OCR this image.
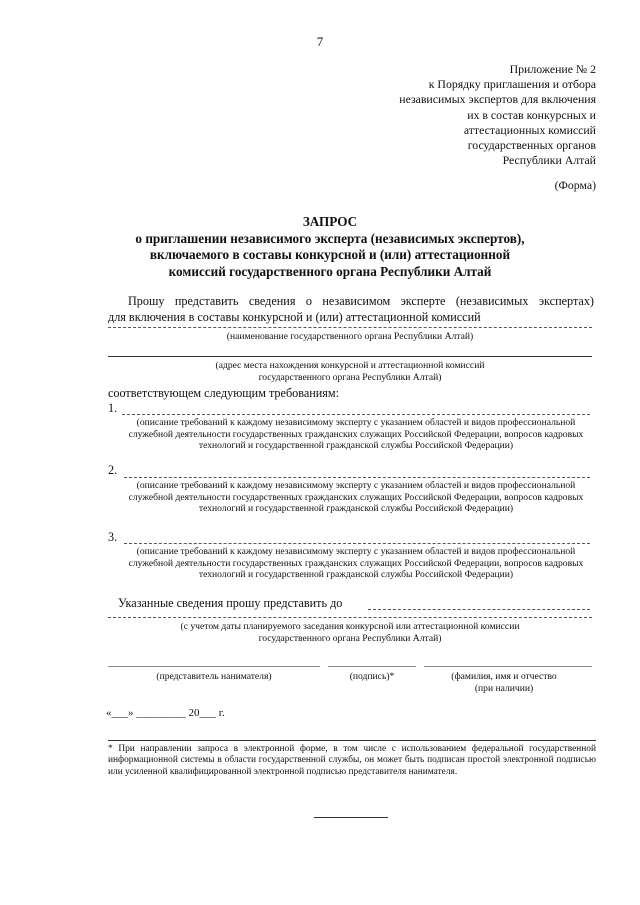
7
Приложение № 2
к Порядку приглашения и отбора
независимых экспертов для включения
их в состав конкурсных и
аттестационных комиссий
государственных органов
Республики Алтай
(Форма)
ЗАПРОС
о приглашении независимого эксперта (независимых экспертов),
включаемого в составы конкурсной и (или) аттестационной
комиссий государственного органа Республики Алтай
Прошу представить сведения о независимом эксперте (независимых экспертах)
для включения в составы конкурсной и (или) аттестационной комиссий
(наименование государственного органа Республики Алтай)
(адрес места нахождения конкурсной и аттестационной комиссий государственного органа Республики Алтай)
соответствующем следующим требованиям:
1.
(описание требований к каждому независимому эксперту с указанием областей и видов профессиональной служебной деятельности государственных гражданских служащих Российской Федерации, вопросов кадровых технологий и государственной гражданской службы Российской Федерации)
2.
(описание требований к каждому независимому эксперту с указанием областей и видов профессиональной служебной деятельности государственных гражданских служащих Российской Федерации, вопросов кадровых технологий и государственной гражданской службы Российской Федерации)
3.
(описание требований к каждому независимому эксперту с указанием областей и видов профессиональной служебной деятельности государственных гражданских служащих Российской Федерации, вопросов кадровых технологий и государственной гражданской службы Российской Федерации)
Указанные сведения прошу представить до
(с учетом даты планируемого заседания конкурсной или аттестационной комиссии государственного органа Республики Алтай)
(представитель нанимателя)	(подпись)*	(фамилия, имя и отчество (при наличии)
«___» _________ 20___ г.
* При направлении запроса в электронной форме, в том числе с использованием федеральной государственной информационной системы в области государственной службы, он может быть подписан простой электронной подписью или усиленной квалифицированной электронной подписью представителя нанимателя.
